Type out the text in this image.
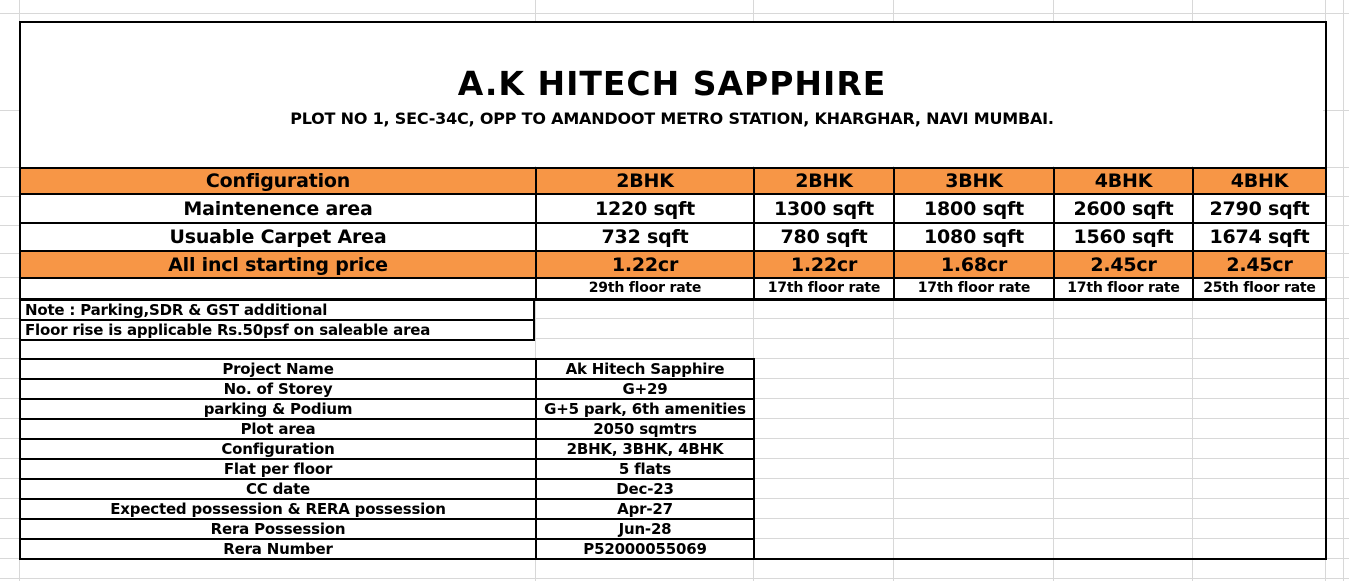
A.K HITECH SAPPHIRE
PLOT NO 1, SEC-34C, OPP TO AMANDOOT METRO STATION, KHARGHAR, NAVI MUMBAI.
Configuration	2BHK	2BHK	3BHK	4BHK	4BHK
Maintenence area	1220 sqft	1300 sqft	1800 sqft	2600 sqft	2790 sqft
Usuable Carpet Area	732 sqft	780 sqft	1080 sqft	1560 sqft	1674 sqft
All incl starting price	1.22cr	1.22cr	1.68cr	2.45cr	2.45cr
	29th floor rate	17th floor rate	17th floor rate	17th floor rate	25th floor rate
Note : Parking,SDR & GST additional
Floor rise is applicable Rs.50psf on saleable area
Project Name	Ak Hitech Sapphire
No. of Storey	G+29
parking & Podium	G+5 park, 6th amenities
Plot area	2050 sqmtrs
Configuration	2BHK, 3BHK, 4BHK
Flat per floor	5 flats
CC date	Dec-23
Expected possession & RERA possession	Apr-27
Rera Possession	Jun-28
Rera Number	P52000055069
